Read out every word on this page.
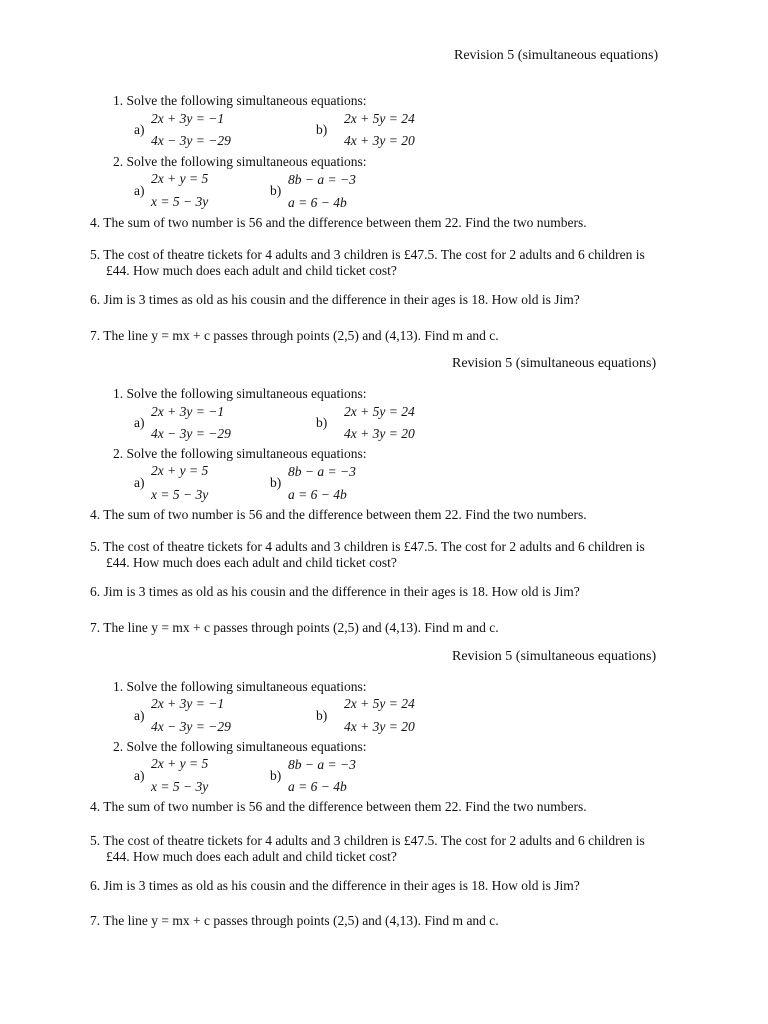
Revision 5 (simultaneous equations)
1. Solve the following simultaneous equations:
2x + 3y = −1
a)
4x − 3y = −29
2x + 5y = 24
b)
4x + 3y = 20
2. Solve the following simultaneous equations:
2x + y = 5
a)
x = 5 − 3y
8b − a = −3
b)
a = 6 − 4b
4. The sum of two number is 56 and the difference between them 22. Find the two numbers.
5. The cost of theatre tickets for 4 adults and 3 children is £47.5. The cost for 2 adults and 6 children is
£44. How much does each adult and child ticket cost?
6. Jim is 3 times as old as his cousin and the difference in their ages is 18. How old is Jim?
7. The line y = mx + c passes through points (2,5) and (4,13). Find m and c.
Revision 5 (simultaneous equations)
1. Solve the following simultaneous equations:
2x + 3y = −1
a)
4x − 3y = −29
2x + 5y = 24
b)
4x + 3y = 20
2. Solve the following simultaneous equations:
2x + y = 5
a)
x = 5 − 3y
8b − a = −3
b)
a = 6 − 4b
4. The sum of two number is 56 and the difference between them 22. Find the two numbers.
5. The cost of theatre tickets for 4 adults and 3 children is £47.5. The cost for 2 adults and 6 children is
£44. How much does each adult and child ticket cost?
6. Jim is 3 times as old as his cousin and the difference in their ages is 18. How old is Jim?
7. The line y = mx + c passes through points (2,5) and (4,13). Find m and c.
Revision 5 (simultaneous equations)
1. Solve the following simultaneous equations:
2x + 3y = −1
a)
4x − 3y = −29
2x + 5y = 24
b)
4x + 3y = 20
2. Solve the following simultaneous equations:
2x + y = 5
a)
x = 5 − 3y
8b − a = −3
b)
a = 6 − 4b
4. The sum of two number is 56 and the difference between them 22. Find the two numbers.
5. The cost of theatre tickets for 4 adults and 3 children is £47.5. The cost for 2 adults and 6 children is
£44. How much does each adult and child ticket cost?
6. Jim is 3 times as old as his cousin and the difference in their ages is 18. How old is Jim?
7. The line y = mx + c passes through points (2,5) and (4,13). Find m and c.
